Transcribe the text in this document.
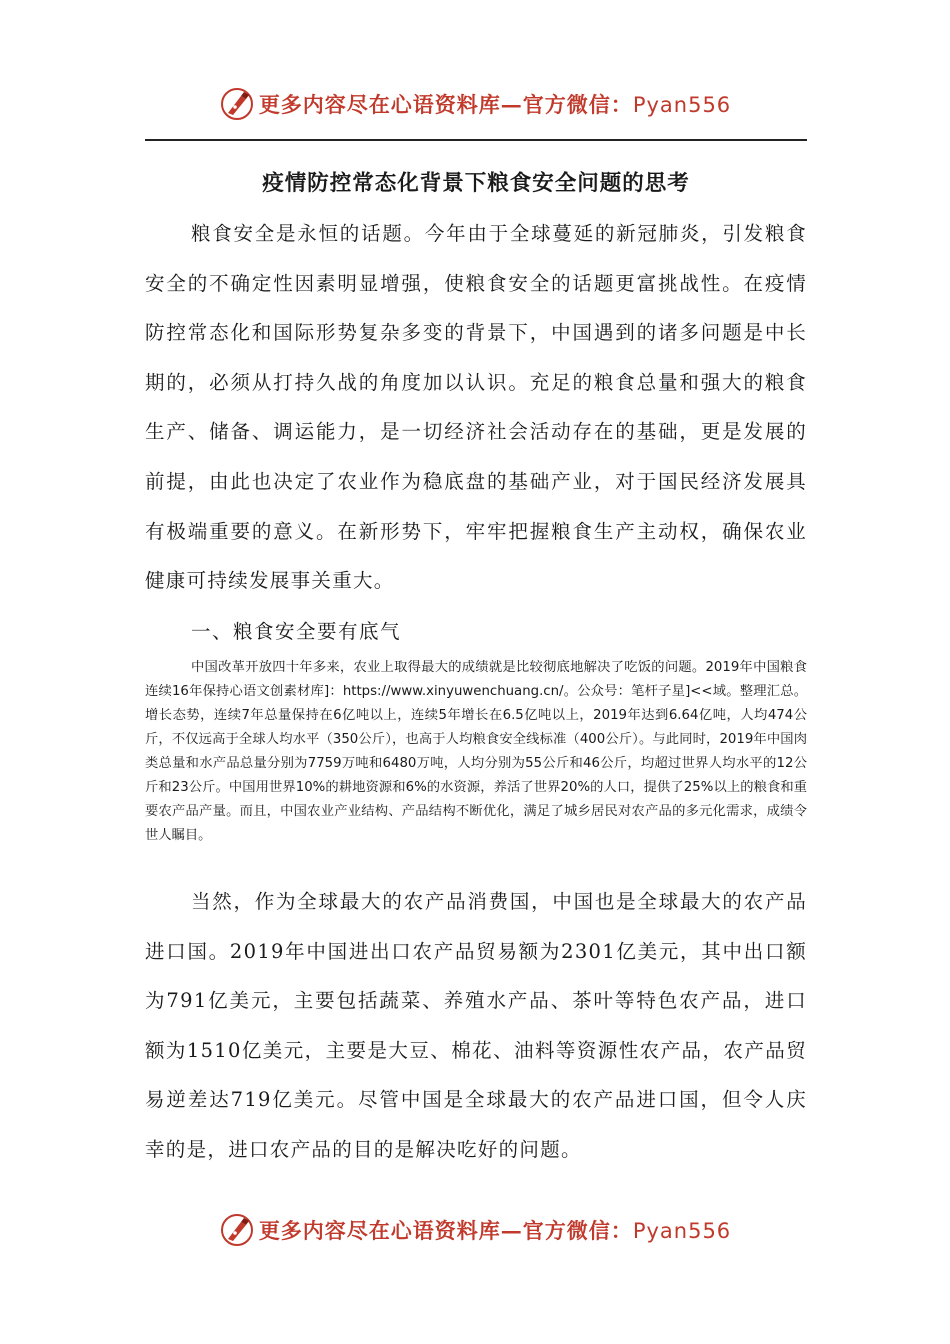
更多内容尽在心语资料库—官方微信：Pyan556
疫情防控常态化背景下粮食安全问题的思考

粮食安全是永恒的话题。今年由于全球蔓延的新冠肺炎，引发粮食安全的不确定性因素明显增强，使粮食安全的话题更富挑战性。在疫情防控常态化和国际形势复杂多变的背景下，中国遇到的诸多问题是中长期的，必须从打持久战的角度加以认识。充足的粮食总量和强大的粮食生产、储备、调运能力，是一切经济社会活动存在的基础，更是发展的前提，由此也决定了农业作为稳底盘的基础产业，对于国民经济发展具有极端重要的意义。在新形势下，牢牢把握粮食生产主动权，确保农业健康可持续发展事关重大。

一、粮食安全要有底气

中国改革开放四十年多来，农业上取得最大的成绩就是比较彻底地解决了吃饭的问题。2019年中国粮食连续16年保持心语文创素材库]：https://www.xinyuwenchuang.cn/。公众号：笔杆子星]<<域。整理汇总。增长态势，连续7年总量保持在6亿吨以上，连续5年增长在6.5亿吨以上，2019年达到6.64亿吨，人均474公斤，不仅远高于全球人均水平（350公斤），也高于人均粮食安全线标准（400公斤）。与此同时，2019年中国肉类总量和水产品总量分别为7759万吨和6480万吨，人均分别为55公斤和46公斤，均超过世界人均水平的12公斤和23公斤。中国用世界10%的耕地资源和6%的水资源，养活了世界20%的人口，提供了25%以上的粮食和重要农产品产量。而且，中国农业产业结构、产品结构不断优化，满足了城乡居民对农产品的多元化需求，成绩令世人瞩目。

当然，作为全球最大的农产品消费国，中国也是全球最大的农产品进口国。2019年中国进出口农产品贸易额为2301亿美元，其中出口额为791亿美元，主要包括蔬菜、养殖水产品、茶叶等特色农产品，进口额为1510亿美元，主要是大豆、棉花、油料等资源性农产品，农产品贸易逆差达719亿美元。尽管中国是全球最大的农产品进口国，但令人庆幸的是，进口农产品的目的是解决吃好的问题。

更多内容尽在心语资料库—官方微信：Pyan556
